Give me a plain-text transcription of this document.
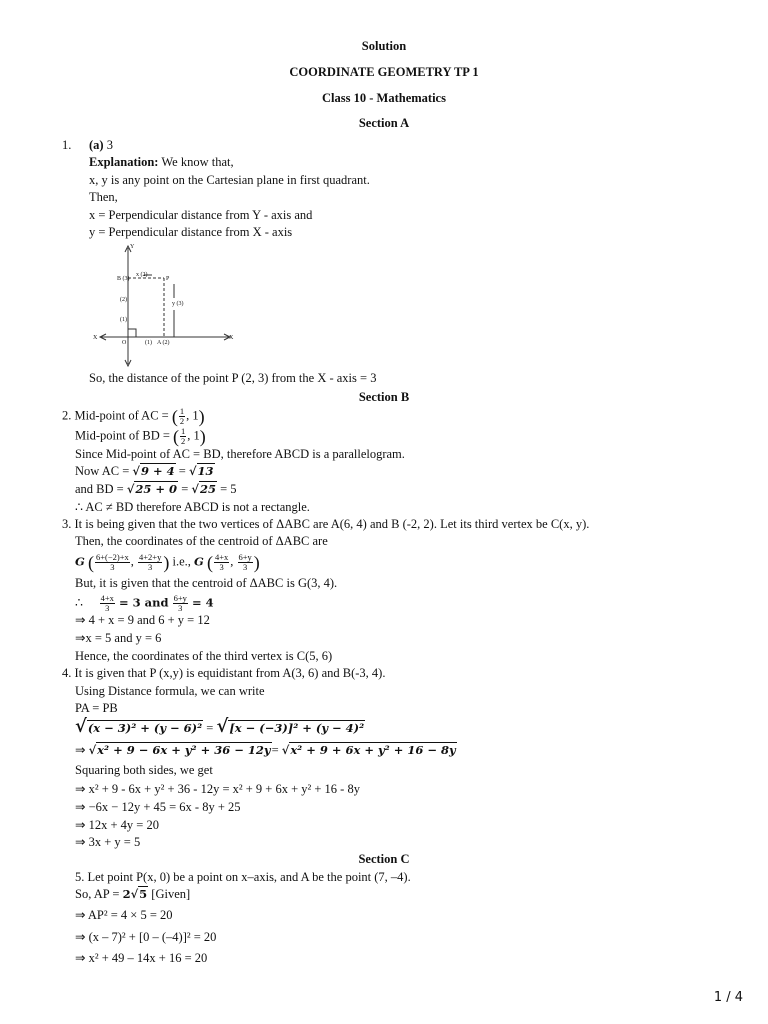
Solution
COORDINATE GEOMETRY TP 1
Class 10 - Mathematics
Section A
1. (a) 3
Explanation: We know that,
x, y is any point on the Cartesian plane in first quadrant.
Then,
x = Perpendicular distance from Y - axis and
y = Perpendicular distance from X - axis
Y
X	X
O
P
B (3)
(2)
(1)
x (2)
y (3)
(1) A (2)
So, the distance of the point P (2, 3) from the X - axis = 3
Section B
2. Mid-point of AC = ( $\frac{1}{2}$ , 1)
Mid-point of BD = ( $\frac{1}{2}$ , 1)
Since Mid-point of AC = BD, therefore ABCD is a parallelogram.
Now AC = √9 + 4 = √13
and BD = √25 + 0 = √25 = 5
∴ AC ≠ BD therefore ABCD is not a rectangle.
3. It is being given that the two vertices of ΔABC are A(6, 4) and B (-2, 2). Let its third vertex be C(x, y).
Then, the coordinates of the centroid of ΔABC are
G ( $\frac{6+(-2)+x}{3}$ , $\frac{4+2+y}{3}$ ) i.e., G ( $\frac{4+x}{3}$ , $\frac{6+y}{3}$ )
But, it is given that the centroid of ΔABC is G(3, 4).
∴ $\frac{4+x}{3} = 3$ and $\frac{6+y}{3} = 4$
⇒ 4 + x = 9 and 6 + y = 12
⇒x = 5 and y = 6
Hence, the coordinates of the third vertex is C(5, 6)
4. It is given that P (x,y) is equidistant from A(3, 6) and B(-3, 4).
Using Distance formula, we can write
PA = PB
√(x − 3)² + (y − 6)² = √[x − (−3)]² + (y − 4)²
⇒ √x² + 9 − 6x + y² + 36 − 12y= √x² + 9 + 6x + y² + 16 − 8y
Squaring both sides, we get
⇒ x² + 9 - 6x + y² + 36 - 12y = x² + 9 + 6x + y² + 16 - 8y
⇒ −6x − 12y + 45 = 6x - 8y + 25
⇒ 12x + 4y = 20
⇒ 3x + y = 5
Section C
5. Let point P(x, 0) be a point on x–axis, and A be the point (7, –4).
So, AP = 2√5 [Given]
⇒ AP² = 4 × 5 = 20
⇒ (x – 7)² + [0 – (–4)]² = 20
⇒ x² + 49 – 14x + 16 = 20
1 / 4
